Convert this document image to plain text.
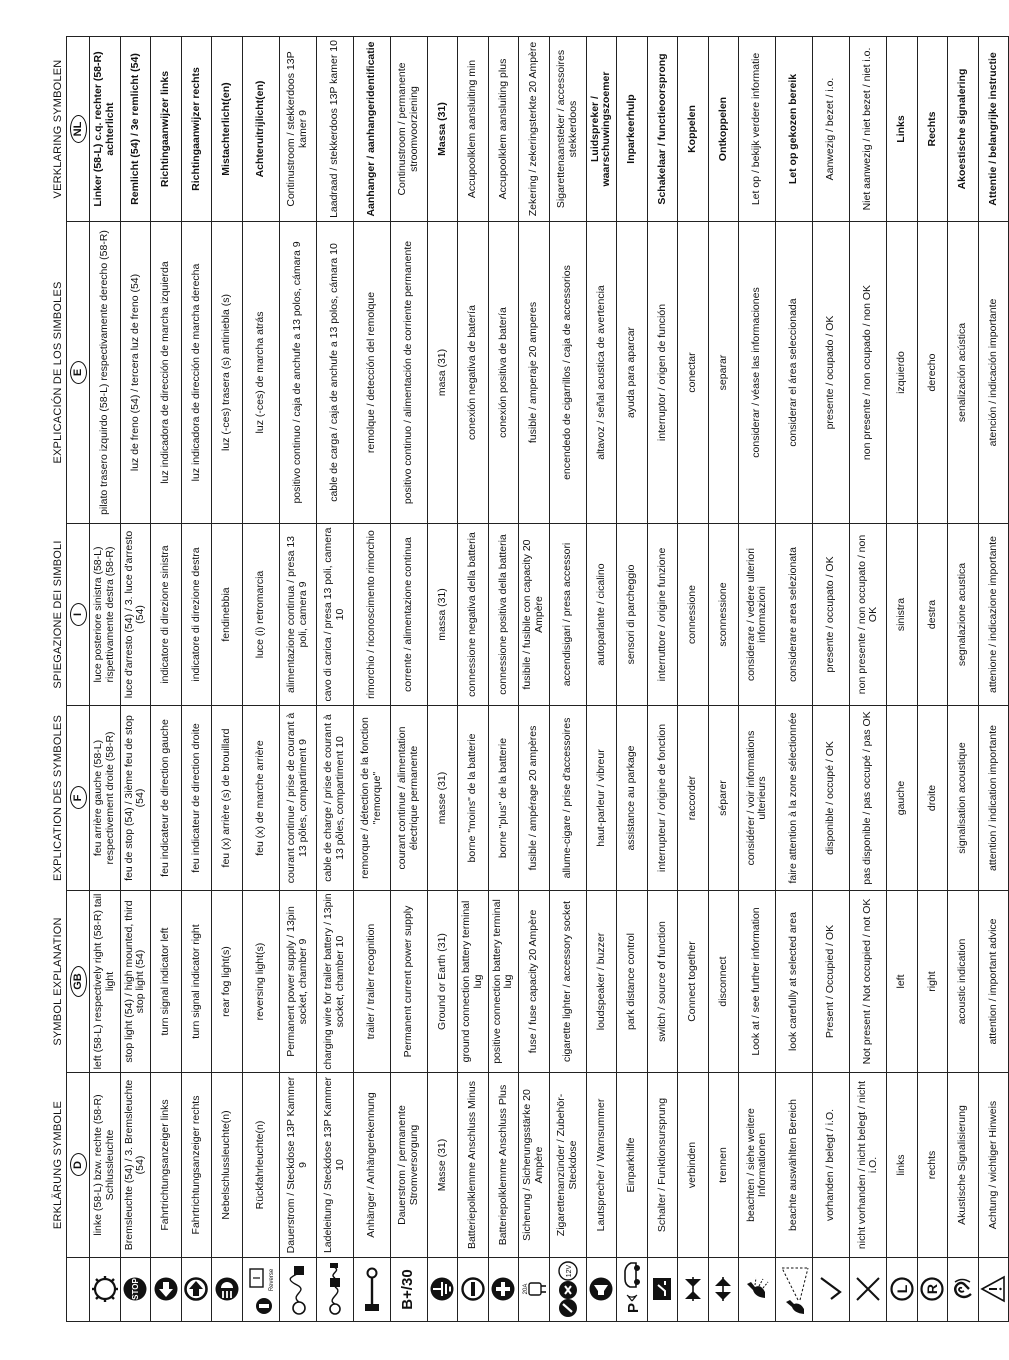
	ERKLÄRUNG SYMBOLE	SYMBOL EXPLANATION	EXPLICATION DES SYMBOLES	SPIEGAZIONE DEI SIMBOLI	EXPLICACIÓN DE LOS SIMBOLES	VERKLARING SYMBOLEN
	D	GB	F	I	E	NL

	linke (58-L) bzw. rechte (58-R) Schlussleuchte	left (58-L) respectively right (58-R) tail light	feu arrière gauche (58-L) respectivement droite (58-R)	luce posteriore sinistra (58-L) rispettivamente destra (58-R)	pilato trasero izquirdo (58-L) respectivamente derecho (58-R)	Linker (58-L) c.q. rechter (58-R) achterlicht

STOP	Bremsleuchte (54) / 3. Bremsleuchte (54)	stop light (54) / high mounted, third stop light (54)	feu de stop (54) / 3ième feu de stop (54)	luce d'arresto (54) / 3. luce d'arresto (54)	luz de freno (54) / tercera luz de freno (54)	Remlicht (54) / 3e remlicht (54)

	Fahrtrichtungsanzeiger links	turn signal indicator left	feu indicateur de direction gauche	indicatore di direzione sinistra	luz indicadora de dirección de marcha izquierda	Richtingaanwijzer links

	Fahrtrichtungsanzeiger rechts	turn signal indicator right	feu indicateur de direction droite	indicatore di direzione destra	luz indicadora de dirección de marcha derecha	Richtingaanwijzer rechts

	Nebelschlussleuchte(n)	rear fog light(s)	feu (x) arrière (s) de brouillard	fendinebbia	luz (-ces) trasera (s) antiniebla (s)	Mistachterlicht(en)

Reverse	Rückfahrleuchte(n)	reversing light(s)	feu (x) de marche arrière	luce (i) retromarcia	luz (-ces) de marcha atrás	Achteruitrijlicht(en)

	Dauerstrom / Steckdose 13P Kammer 9	Permanent power supply / 13pin socket, chamber 9	courant continue / prise de courant à 13 pôles, compartiment 9	alimentazione continua / presa 13 poli, camera 9	positivo continuo / caja de anchufe a 13 polos, cámara 9	Continustroom / stekkerdoos 13P kamer 9

	Ladeleitung / Steckdose 13P Kammer 10	charging wire for trailer battery / 13pin socket, chamber 10	cable de charge / prise de courant à 13 pôles, compartiment 10	cavo di carica / presa 13 poli, camera 10	cable de carga / caja de anchufe a 13 polos, cámara 10	Laadraad / stekkerdoos 13P kamer 10

	Anhänger / Anhängerekennung	trailer / trailer recognition	remorque / détection de la fonction "remorque"	rimorchio / riconoscimento rimorchio	remolque / detección del remolque	Aanhanger / aanhangeridentificatie
B+/30	Dauerstrom / permanente Stromversorgung	Permanent current power supply	courant continue / alimentation électrique permanente	corrente / alimentazione continua	positivo continuo / alimentación de corriente permanente	Continustroom / permanente stroomvoorziening

	Masse (31)	Ground or Earth (31)	masse (31)	massa (31)	masa (31)	Massa (31)

	Batteriepolklemme Anschluss Minus	ground connection battery terminal lug	borne "moins" de la batterie	connessione negativa della batteria	conexión negativa de batería	Accupoolklem aansluiting min

	Batteriepolklemme Anschluss Plus	positive connection battery terminal lug	borne "plus" de la batterie	connessione positiva della batteria	conexión positiva de batería	Accupoolklem aansluiting plus

20A	Sicherung / Sicherungsstärke 20 Ampère	fuse / fuse capacity 20 Ampère	fusible / ampérage 20 ampères	fusibile / fusibile con capacity 20 Ampère	fusible / amperaje 20 amperes	Zekering / zekeringsterkte 20 Ampère

12V	Zigarettenanzünder / Zubehör-Steckdose	cigarette lighter / accessory socket	allume-cigare / prise d'accessoires	accendisigari / presa accessori	encendedo de cigarrillos / caja de accessorios	Sigarettenaansteker / accessoires stekkerdoos

	Lautsprecher / Warnsummer	loudspeaker / buzzer	haut-parleur / vibreur	autoparlante / cicalino	altavoz / señal acustica de avertencia	Luidspreker / waarschuwingszoemer

P	Einparkhilfe	park distance control	assistance au parkage	sensori di parcheggio	ayuda para aparcar	Inparkeerhulp

	Schalter / Funktionsursprung	switch / source of function	interrupteur / origine de fonction	interruttore / origine funzione	interruptor / origen de función	Schakelaar / functieoorsprong

	verbinden	Connect together	raccorder	connessione	conectar	Koppelen

	trennen	disconnect	séparer	sconnessione	separar	Ontkoppelen

	beachten / siehe weitere Informationen	Look at / see further information	considérer / voir informations ulterieurs	considerare / vedere ulteriori informazioni	considerar / véase las informaciones	Let op / bekijk verdere informatie

	beachte auswählten Bereich	look carefully at selected area	faire attention à la zone sélectionnée	considerare area selezionata	considerar el área seleccionada	Let op gekozen bereik

	vorhanden / belegt / i.O.	Present / Occupied / OK	disponible / occupé / OK	presente / occupato / OK	presente / ocupado / OK	Aanwezig / bezet / i.o.

	nicht vorhanden / nicht belegt / nicht i.O.	Not present / Not occupied / not OK	pas disponible / pas occupé / pas OK	non presente / non occupato / non OK	non presente / non ocupado / non OK	Niet aanwezig / niet bezet / niet i.o.

L	links	left	gauche	sinistra	izquierdo	Links

R	rechts	right	droite	destra	derecho	Rechts

	Akustische Signalisierung	acoustic indication	signalisation acoustique	segnalazione acustica	senalización acústica	Akoestische signalering

	Achtung / wichtiger Hinweis	attention / important advice	attention / indication importante	attenione / indicazione importante	atención / indicación importante	Attentie / belangrijke instructie
